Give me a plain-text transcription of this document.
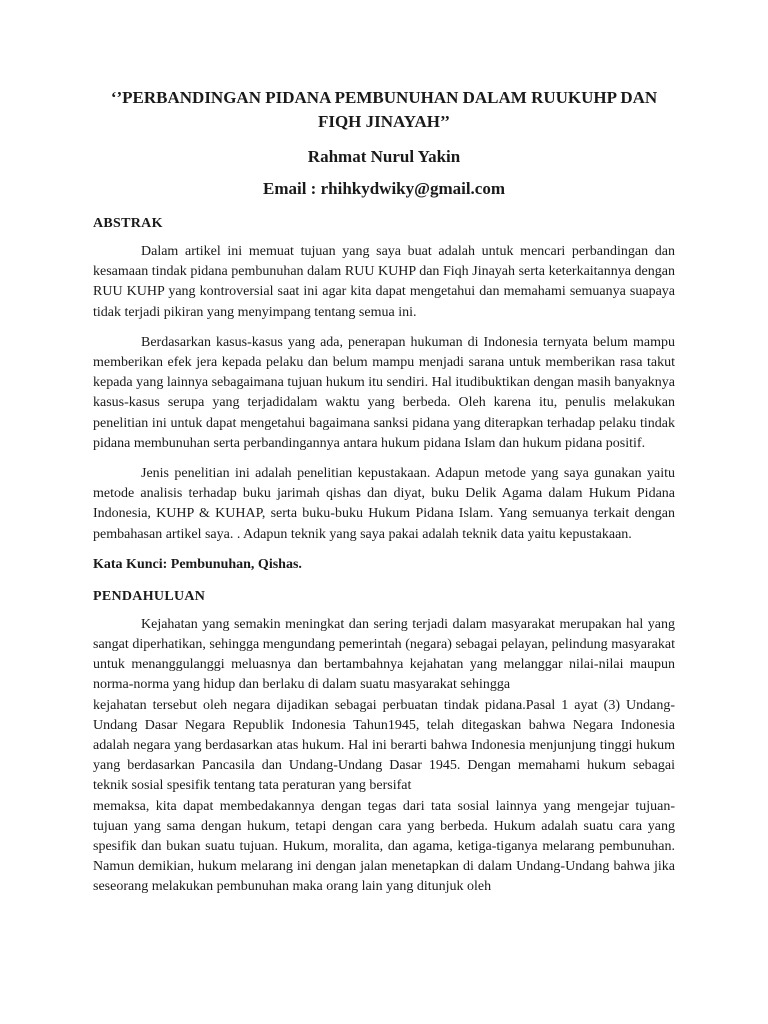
‘’PERBANDINGAN PIDANA PEMBUNUHAN DALAM RUUKUHP DAN FIQH JINAYAH’’
Rahmat Nurul Yakin
Email : rhihkydwiky@gmail.com
ABSTRAK

Dalam artikel ini memuat tujuan yang saya buat adalah untuk mencari perbandingan dan kesamaan tindak pidana pembunuhan dalam RUU KUHP dan Fiqh Jinayah serta keterkaitannya dengan RUU KUHP yang kontroversial saat ini agar kita dapat mengetahui dan memahami semuanya suapaya tidak terjadi pikiran yang menyimpang tentang semua ini.

Berdasarkan kasus-kasus yang ada, penerapan hukuman di Indonesia ternyata belum mampu memberikan efek jera kepada pelaku dan belum mampu menjadi sarana untuk memberikan rasa takut kepada yang lainnya sebagaimana tujuan hukum itu sendiri. Hal itudibuktikan dengan masih banyaknya kasus-kasus serupa yang terjadidalam waktu yang berbeda. Oleh karena itu, penulis melakukan penelitian ini untuk dapat mengetahui bagaimana sanksi pidana yang diterapkan terhadap pelaku tindak pidana membunuhan serta perbandingannya antara hukum pidana Islam dan hukum pidana positif.

Jenis penelitian ini adalah penelitian kepustakaan. Adapun metode yang saya gunakan yaitu metode analisis terhadap buku jarimah qishas dan diyat, buku Delik Agama dalam Hukum Pidana Indonesia, KUHP & KUHAP, serta buku-buku Hukum Pidana Islam. Yang semuanya terkait dengan pembahasan artikel saya. . Adapun teknik yang saya pakai adalah teknik data yaitu kepustakaan.

Kata Kunci: Pembunuhan, Qishas.
PENDAHULUAN

Kejahatan yang semakin meningkat dan sering terjadi dalam masyarakat merupakan hal yang sangat diperhatikan, sehingga mengundang pemerintah (negara) sebagai pelayan, pelindung masyarakat untuk menanggulanggi meluasnya dan bertambahnya kejahatan yang melanggar nilai-nilai maupun norma-norma yang hidup dan berlaku di dalam suatu masyarakat sehingga

kejahatan tersebut oleh negara dijadikan sebagai perbuatan tindak pidana.Pasal 1 ayat (3) Undang-Undang Dasar Negara Republik Indonesia Tahun1945, telah ditegaskan bahwa Negara Indonesia adalah negara yang berdasarkan atas hukum. Hal ini berarti bahwa Indonesia menjunjung tinggi hukum yang berdasarkan Pancasila dan Undang-Undang Dasar 1945. Dengan memahami hukum sebagai teknik sosial spesifik tentang tata peraturan yang bersifat

memaksa, kita dapat membedakannya dengan tegas dari tata sosial lainnya yang mengejar tujuan-tujuan yang sama dengan hukum, tetapi dengan cara yang berbeda. Hukum adalah suatu cara yang spesifik dan bukan suatu tujuan. Hukum, moralita, dan agama, ketiga-tiganya melarang pembunuhan. Namun demikian, hukum melarang ini dengan jalan menetapkan di dalam Undang-Undang bahwa jika seseorang melakukan pembunuhan maka orang lain yang ditunjuk oleh
